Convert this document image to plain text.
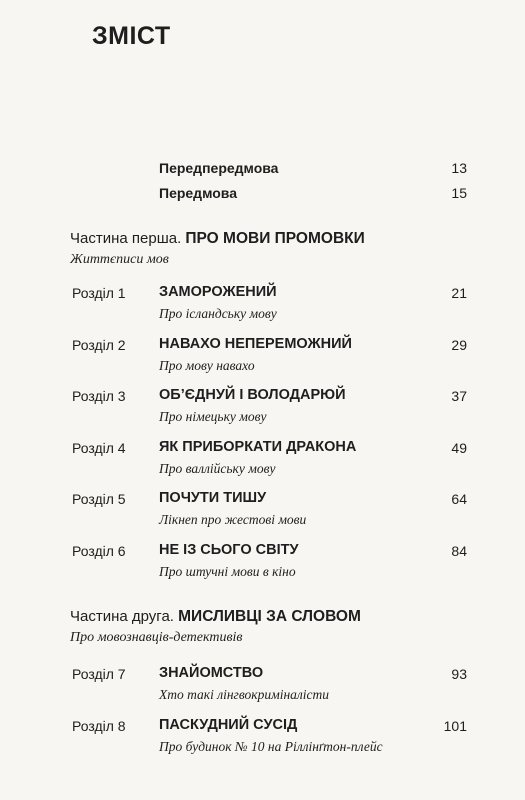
ЗМІСТ
Передпередмова	13
Передмова	15
Частина перша. ПРО МОВИ ПРОМОВКИ
Життєписи мов
Розділ 1 ЗАМОРОЖЕНИЙ
Про ісландську мову
21
Розділ 2 НАВАХО НЕПЕРЕМОЖНИЙ
Про мову навахо
29
Розділ 3 ОБ’ЄДНУЙ І ВОЛОДАРЮЙ
Про німецьку мову
37
Розділ 4 ЯК ПРИБОРКАТИ ДРАКОНА
Про валлійську мову
49
Розділ 5 ПОЧУТИ ТИШУ
Лікнеп про жестові мови
64
Розділ 6 НЕ ІЗ СЬОГО СВІТУ
Про штучні мови в кіно
84
Частина друга. МИСЛИВЦІ ЗА СЛОВОМ
Про мовознавців-детективів
Розділ 7 ЗНАЙОМСТВО
Хто такі лінгвокриміналісти
93
Розділ 8 ПАСКУДНИЙ СУСІД
Про будинок № 10 на Ріллінґтон-плейс
101
